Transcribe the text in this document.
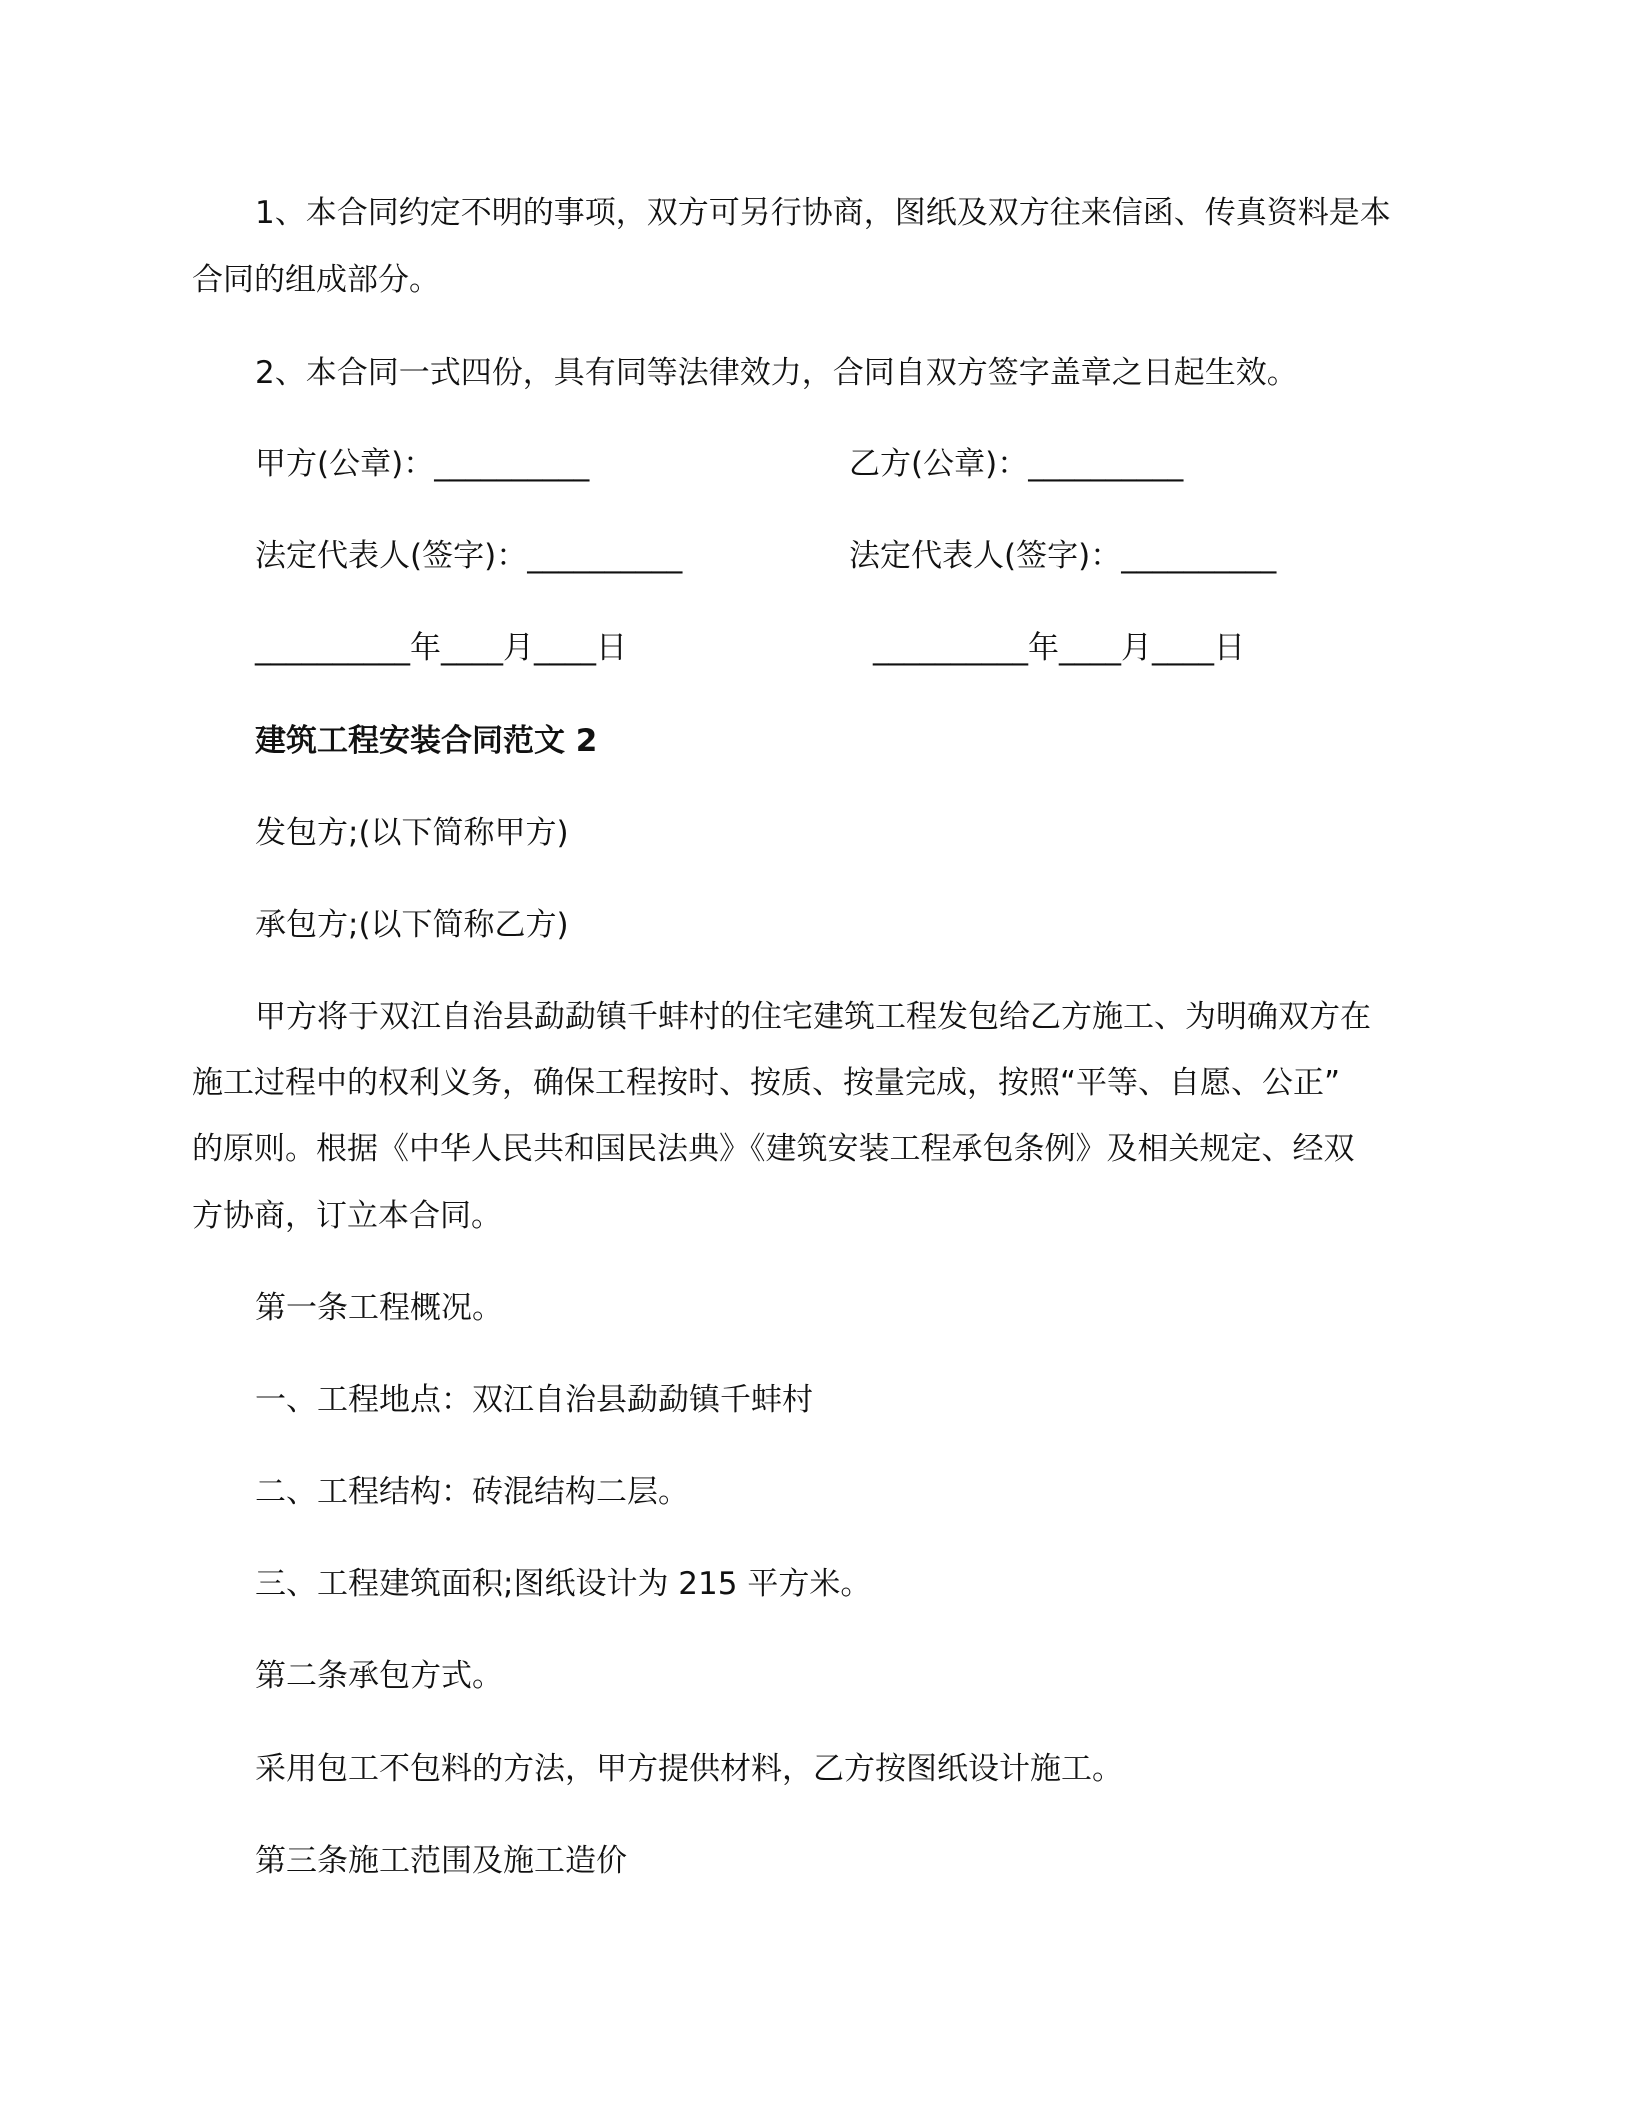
1、本合同约定不明的事项，双方可另行协商，图纸及双方往来信函、传真资料是本
合同的组成部分。
2、本合同一式四份，具有同等法律效力，合同自双方签字盖章之日起生效。
甲方(公章)：__________	乙方(公章)：__________
法定代表人(签字)：__________	法定代表人(签字)：__________
__________年____月____日	__________年____月____日
建筑工程安装合同范文 2
发包方;(以下简称甲方)
承包方;(以下简称乙方)
甲方将于双江自治县勐勐镇千蚌村的住宅建筑工程发包给乙方施工、为明确双方在
施工过程中的权利义务，确保工程按时、按质、按量完成，按照“平等、自愿、公正”
的原则。根据《中华人民共和国民法典》《建筑安装工程承包条例》及相关规定、经双
方协商，订立本合同。
第一条工程概况。
一、工程地点：双江自治县勐勐镇千蚌村
二、工程结构：砖混结构二层。
三、工程建筑面积;图纸设计为 215 平方米。
第二条承包方式。
采用包工不包料的方法，甲方提供材料，乙方按图纸设计施工。
第三条施工范围及施工造价
